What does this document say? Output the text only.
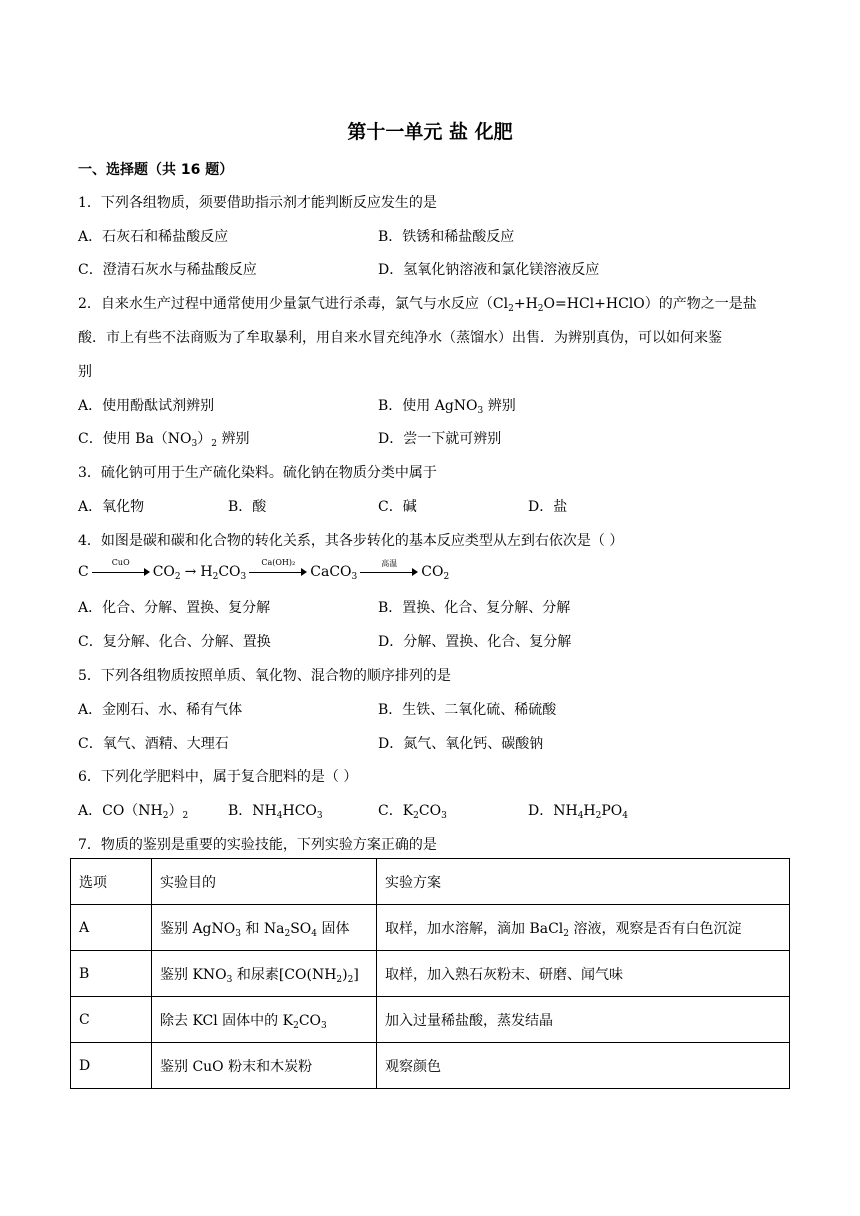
第十一单元 盐 化肥
一、选择题（共 16 题）
1．下列各组物质，须要借助指示剂才能判断反应发生的是
A．石灰石和稀盐酸反应	B．铁锈和稀盐酸反应
C．澄清石灰水与稀盐酸反应	D．氢氧化钠溶液和氯化镁溶液反应
2．自来水生产过程中通常使用少量氯气进行杀毒，氯气与水反应$(Cl_2+H_2O=HCl+HClO)$的产物之一是盐
酸．市上有些不法商贩为了牟取暴利，用自来水冒充纯净水（蒸馏水）出售．为辨别真伪，可以如何来鉴
别
A．使用酚酞试剂辨别	B．使用 AgNO$_3$ 辨别
C．使用 $Ba(NO_3)_2$ 辨别	D．尝一下就可辨别
3．硫化钠可用于生产硫化染料。硫化钠在物质分类中属于
A．氧化物	B．酸	C．碱	D．盐
4．如图是碳和碳和化合物的转化关系，其各步转化的基本反应类型从左到右依次是（ ）
C
CuO
$CO_2 \to H_2CO_3$
Ca(OH)₂
CaCO$_3$
高温
$CO_2$
A．化合、分解、置换、复分解	B．置换、化合、复分解、分解
C．复分解、化合、分解、置换	D．分解、置换、化合、复分解
5．下列各组物质按照单质、氧化物、混合物的顺序排列的是
A．金刚石、水、稀有气体	B．生铁、二氧化硫、稀硫酸
C．氧气、酒精、大理石	D．氮气、氧化钙、碳酸钠
6．下列化学肥料中，属于复合肥料的是（ ）
A．$CO(NH_2)_2$	B．$NH_4HCO_3$	C．$K_2CO_3$	D．$NH_4H_2PO_4$
7．物质的鉴别是重要的实验技能，下列实验方案正确的是
选项	实验目的	实验方案
A	鉴别 AgNO$_3$ 和 $Na_2SO_4$ 固体	取样，加水溶解，滴加 BaCl$_2$ 溶液，观察是否有白色沉淀
B	鉴别 $KNO_3$ 和尿素$[CO(NH_2)_2]$	取样，加入熟石灰粉末、研磨、闻气味
C	除去 KCl 固体中的 $K_2CO_3$	加入过量稀盐酸，蒸发结晶
D	鉴别 CuO 粉末和木炭粉	观察颜色
